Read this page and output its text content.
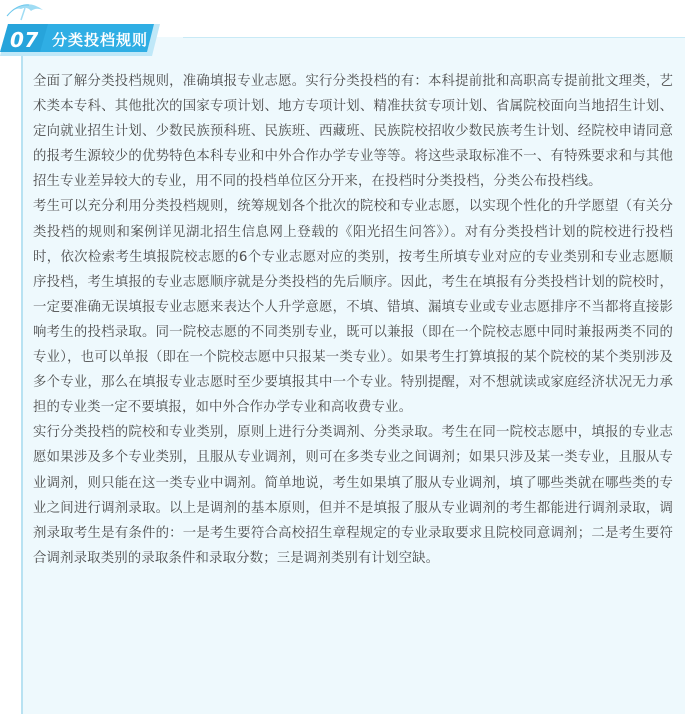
07 分类投档规则

全面了解分类投档规则，准确填报专业志愿。实行分类投档的有：本科提前批和高职高专提前批文理类，艺术类本专科、其他批次的国家专项计划、地方专项计划、精准扶贫专项计划、省属院校面向当地招生计划、定向就业招生计划、少数民族预科班、民族班、西藏班、民族院校招收少数民族考生计划、经院校申请同意的报考生源较少的优势特色本科专业和中外合作办学专业等等。将这些录取标准不一、有特殊要求和与其他招生专业差异较大的专业，用不同的投档单位区分开来，在投档时分类投档，分类公布投档线。

考生可以充分利用分类投档规则，统筹规划各个批次的院校和专业志愿，以实现个性化的升学愿望（有关分类投档的规则和案例详见湖北招生信息网上登载的《阳光招生问答》）。对有分类投档计划的院校进行投档时，依次检索考生填报院校志愿的6个专业志愿对应的类别，按考生所填专业对应的专业类别和专业志愿顺序投档，考生填报的专业志愿顺序就是分类投档的先后顺序。因此，考生在填报有分类投档计划的院校时，一定要准确无误填报专业志愿来表达个人升学意愿，不填、错填、漏填专业或专业志愿排序不当都将直接影响考生的投档录取。同一院校志愿的不同类别专业，既可以兼报（即在一个院校志愿中同时兼报两类不同的专业），也可以单报（即在一个院校志愿中只报某一类专业）。如果考生打算填报的某个院校的某个类别涉及多个专业，那么在填报专业志愿时至少要填报其中一个专业。特别提醒，对不想就读或家庭经济状况无力承担的专业类一定不要填报，如中外合作办学专业和高收费专业。

实行分类投档的院校和专业类别，原则上进行分类调剂、分类录取。考生在同一院校志愿中，填报的专业志愿如果涉及多个专业类别，且服从专业调剂，则可在多类专业之间调剂；如果只涉及某一类专业，且服从专业调剂，则只能在这一类专业中调剂。简单地说，考生如果填了服从专业调剂，填了哪些类就在哪些类的专业之间进行调剂录取。以上是调剂的基本原则，但并不是填报了服从专业调剂的考生都能进行调剂录取，调剂录取考生是有条件的：一是考生要符合高校招生章程规定的专业录取要求且院校同意调剂；二是考生要符合调剂录取类别的录取条件和录取分数；三是调剂类别有计划空缺。
